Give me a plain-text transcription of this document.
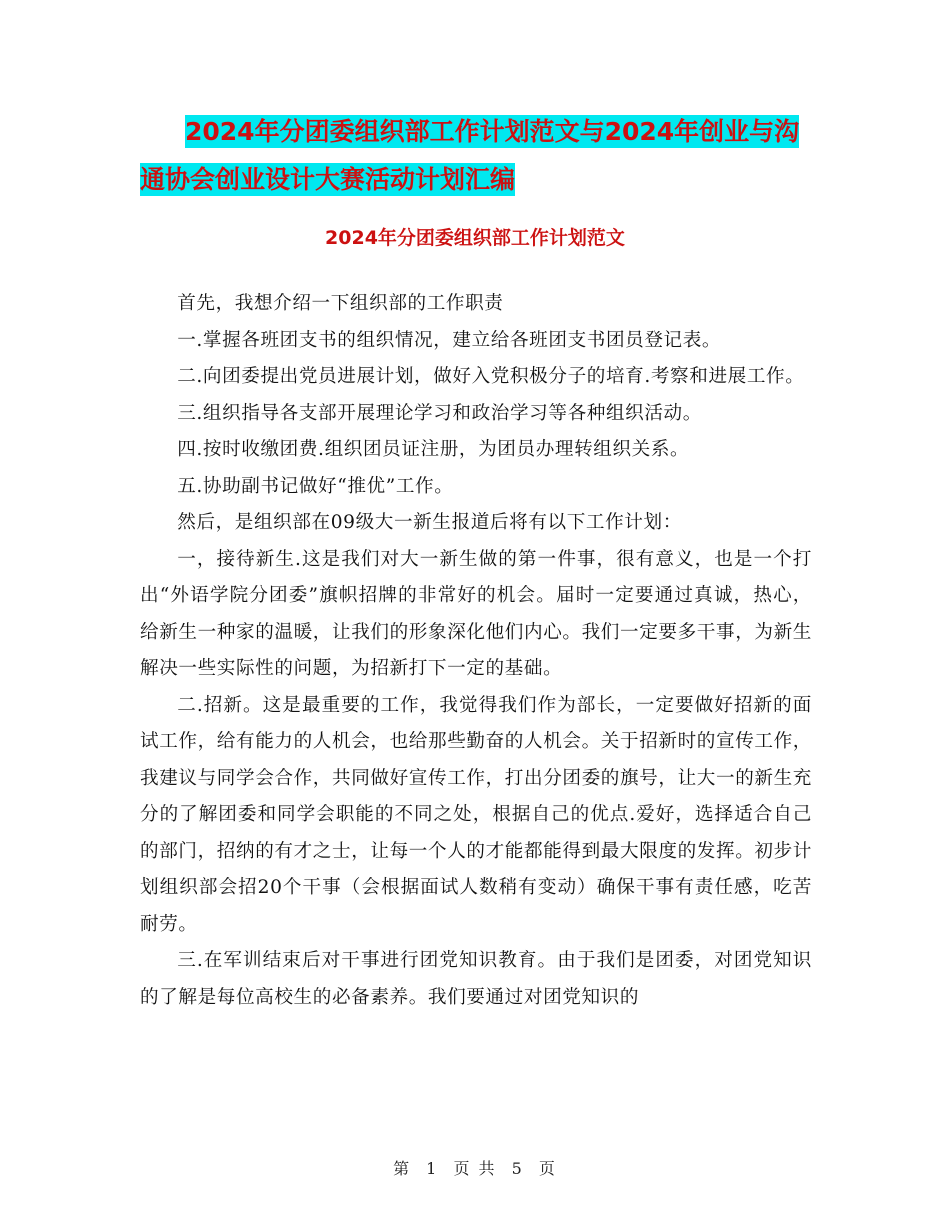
2024年分团委组织部工作计划范文与2024年创业与沟
通协会创业设计大赛活动计划汇编
2024年分团委组织部工作计划范文

首先，我想介绍一下组织部的工作职责

一.掌握各班团支书的组织情况，建立给各班团支书团员登记表。

二.向团委提出党员进展计划，做好入党积极分子的培育.考察和进展工作。

三.组织指导各支部开展理论学习和政治学习等各种组织活动。

四.按时收缴团费.组织团员证注册，为团员办理转组织关系。

五.协助副书记做好“推优”工作。

然后，是组织部在09级大一新生报道后将有以下工作计划：

一，接待新生.这是我们对大一新生做的第一件事，很有意义，也是一个打出“外语学院分团委”旗帜招牌的非常好的机会。届时一定要通过真诚，热心，给新生一种家的温暖，让我们的形象深化他们内心。我们一定要多干事，为新生解决一些实际性的问题，为招新打下一定的基础。

二.招新。这是最重要的工作，我觉得我们作为部长，一定要做好招新的面试工作，给有能力的人机会，也给那些勤奋的人机会。关于招新时的宣传工作，我建议与同学会合作，共同做好宣传工作，打出分团委的旗号，让大一的新生充分的了解团委和同学会职能的不同之处，根据自己的优点.爱好，选择适合自己的部门，招纳的有才之士，让每一个人的才能都能得到最大限度的发挥。初步计划组织部会招20个干事（会根据面试人数稍有变动）确保干事有责任感，吃苦耐劳。

三.在军训结束后对干事进行团党知识教育。由于我们是团委，对团党知识的了解是每位高校生的必备素养。我们要通过对团党知识的

第 1 页 共 5 页
